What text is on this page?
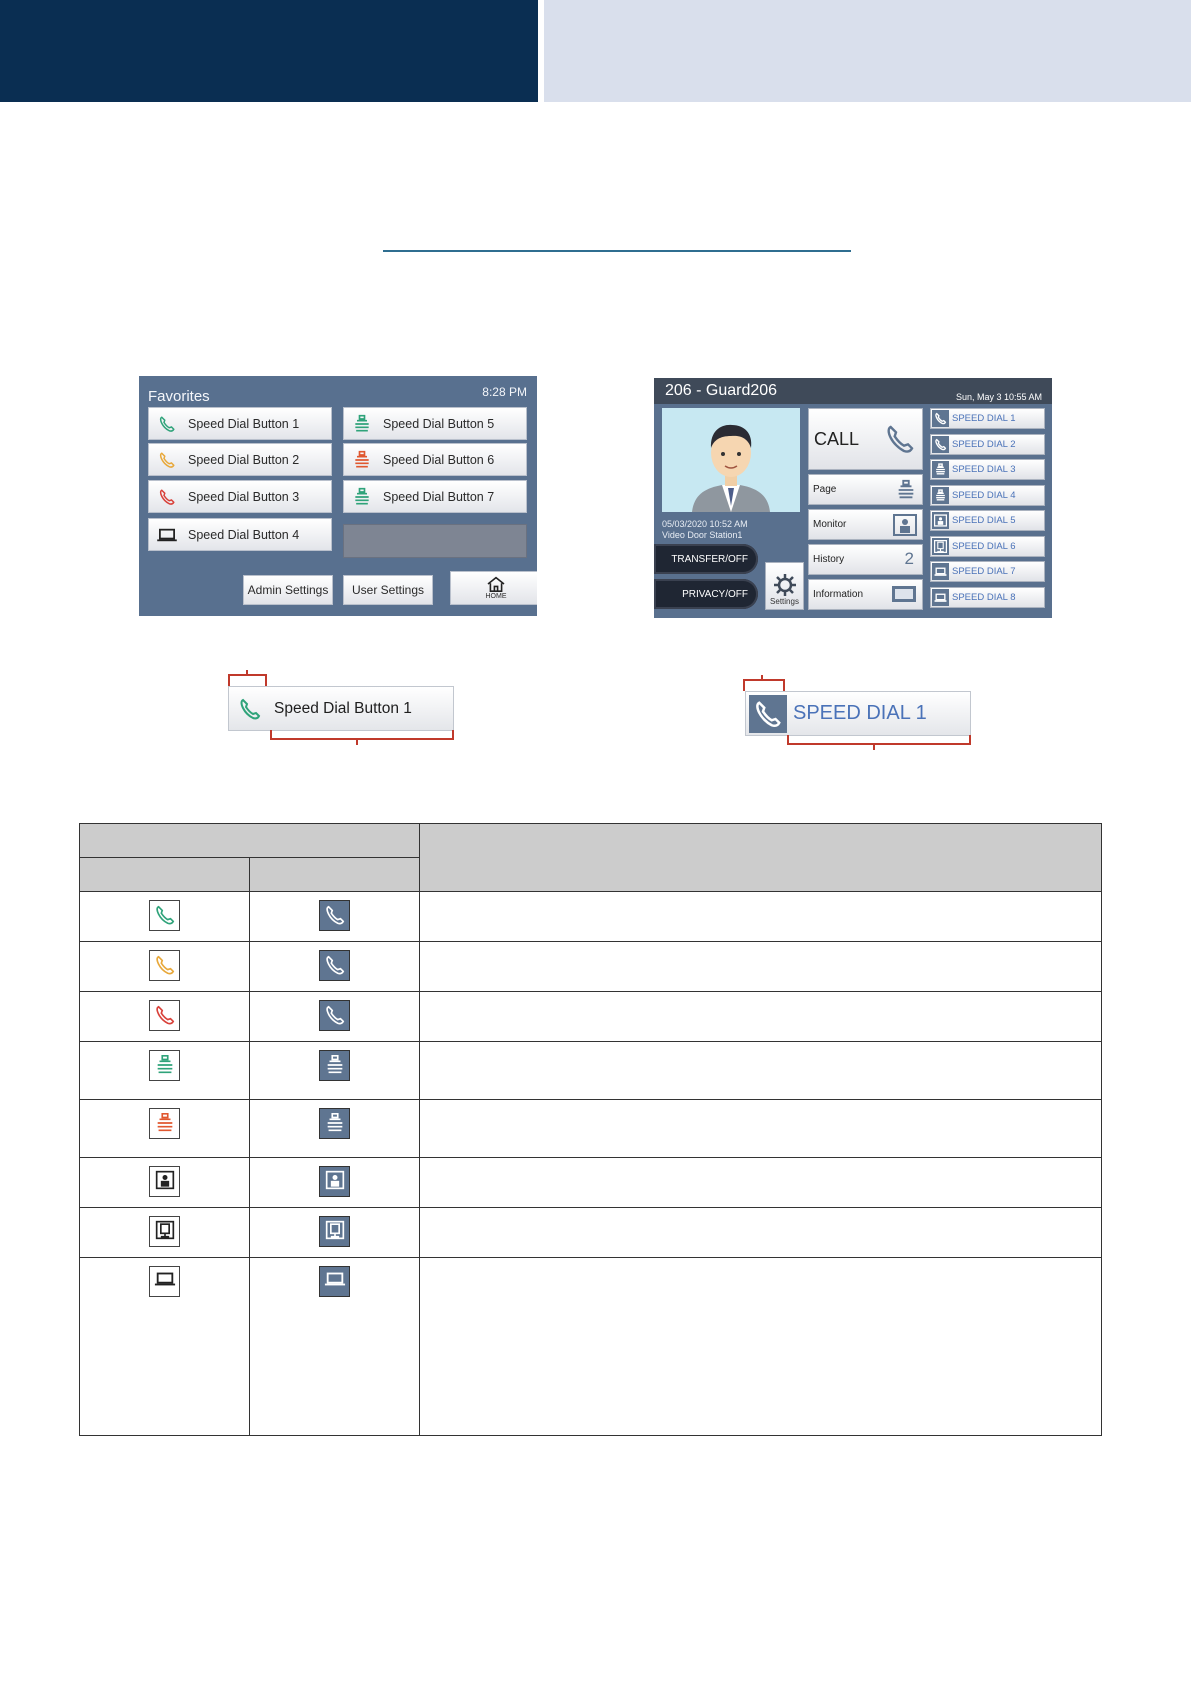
Favorites	8:28 PM
Speed Dial Button 1
Speed Dial Button 2
Speed Dial Button 3
Speed Dial Button 4
Speed Dial Button 5
Speed Dial Button 6
Speed Dial Button 7
Admin Settings	User Settings	HOME
206 - Guard206	Sun, May 3 10:55 AM
05/03/2020 10:52 AM
Video Door Station1
TRANSFER/OFF
PRIVACY/OFF
Settings
CALL
Page
Monitor
History	2
Information
SPEED DIAL 1
SPEED DIAL 2
SPEED DIAL 3
SPEED DIAL 4
SPEED DIAL 5
SPEED DIAL 6
SPEED DIAL 7
SPEED DIAL 8
Speed Dial Button 1	SPEED DIAL 1
